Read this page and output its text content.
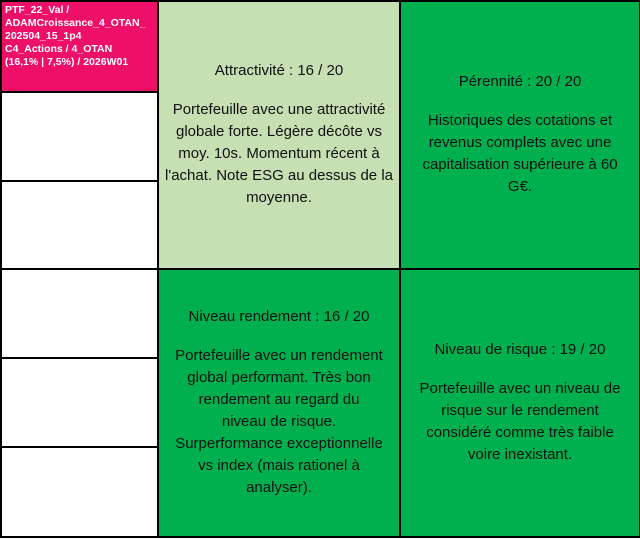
PTF_22_Val /
ADAMCroissance_4_OTAN_
202504_15_1p4
C4_Actions / 4_OTAN
(16,1% | 7,5%) / 2026W01	Attractivité : 16 / 20
Portefeuille avec une attractivité globale forte. Légère décôte vs moy. 10s. Momentum récent à l'achat. Note ESG au dessus de la moyenne.
Pérennité : 20 / 20
Historiques des cotations et revenus complets avec une capitalisation supérieure à 60 G€.
Niveau rendement : 16 / 20
Portefeuille avec un rendement global performant. Très bon rendement au regard du niveau de risque. Surperformance exceptionnelle vs index (mais rationel à analyser).
Niveau de risque : 19 / 20
Portefeuille avec un niveau de risque sur le rendement considéré comme très faible voire inexistant.
